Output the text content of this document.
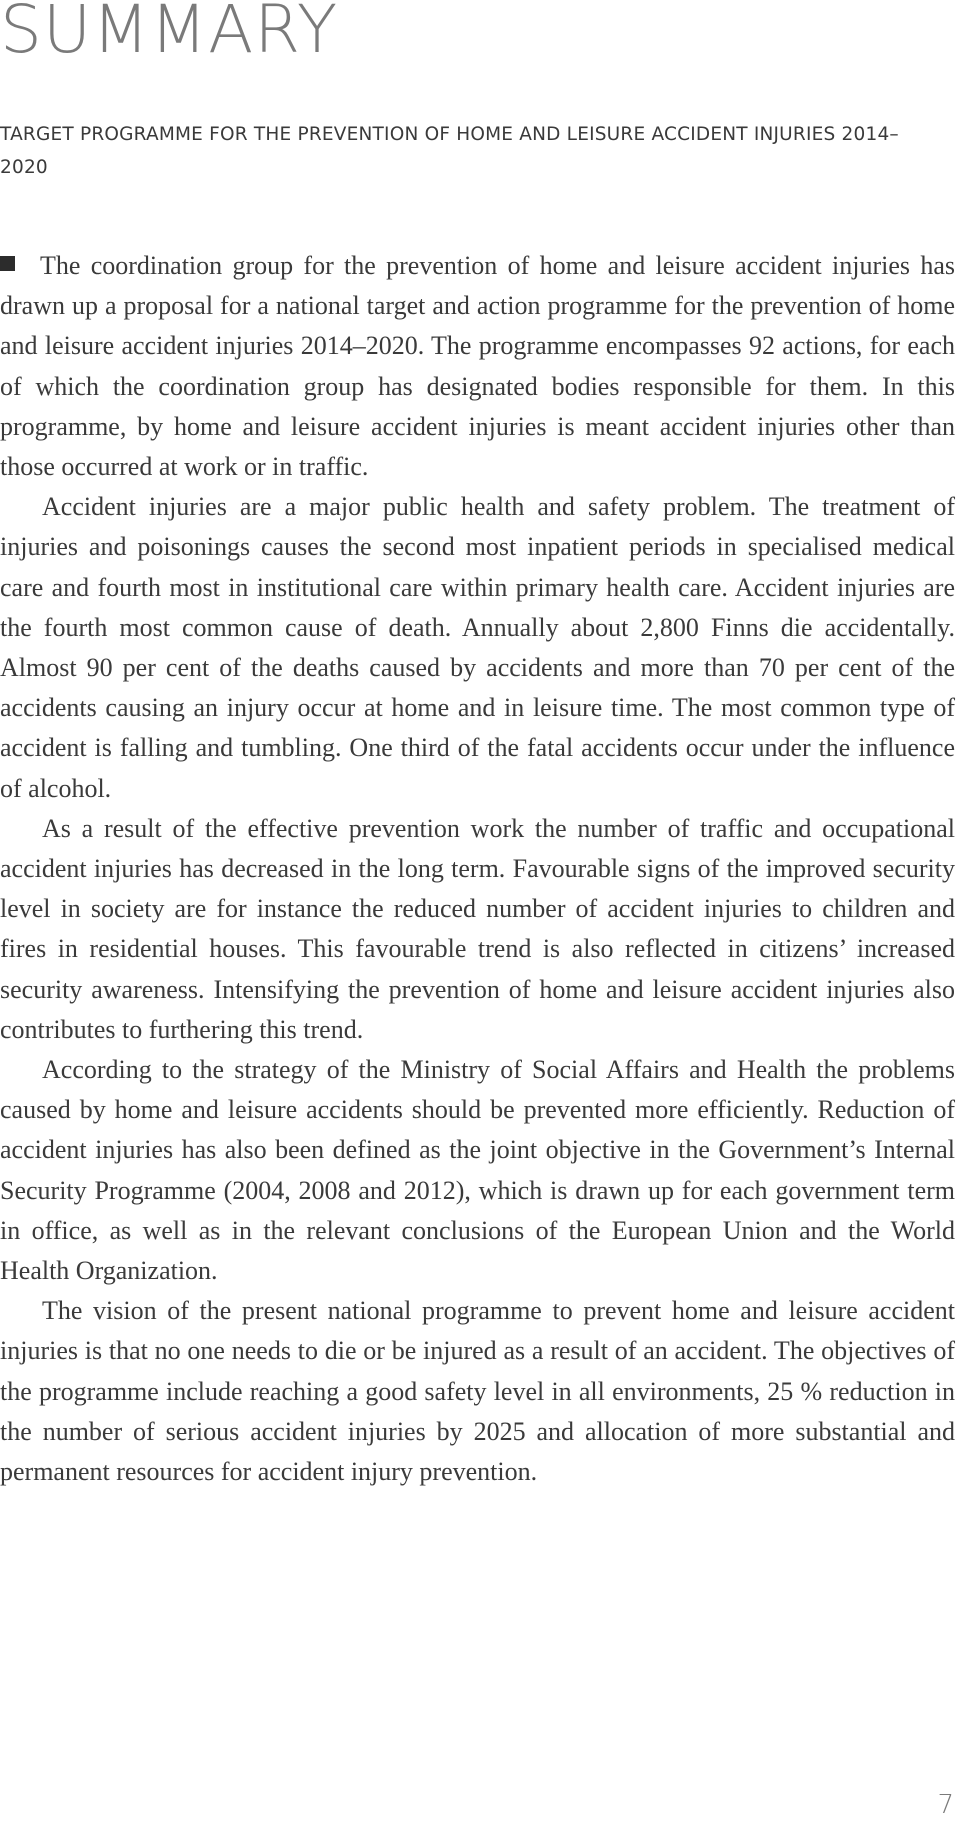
SUMMARY
TARGET PROGRAMME FOR THE PREVENTION OF HOME AND LEISURE ACCIDENT INJURIES 2014–2020

The coordination group for the prevention of home and leisure accident injuries has drawn up a proposal for a national target and action programme for the prevention of home and leisure accident injuries 2014–2020. The programme encompasses 92 actions, for each of which the coordination group has designated bodies responsible for them. In this programme, by home and leisure accident injuries is meant accident injuries other than those occurred at work or in traffic.

Accident injuries are a major public health and safety problem. The treatment of injuries and poisonings causes the second most inpatient periods in specialised medical care and fourth most in institutional care within primary health care. Accident injuries are the fourth most common cause of death. Annually about 2,800 Finns die accidentally. Almost 90 per cent of the deaths caused by accidents and more than 70 per cent of the accidents causing an injury occur at home and in leisure time. The most common type of accident is falling and tumbling. One third of the fatal accidents occur under the influence of alcohol.

As a result of the effective prevention work the number of traffic and occupational accident injuries has decreased in the long term. Favourable signs of the improved security level in society are for instance the reduced number of accident injuries to children and fires in residential houses. This favourable trend is also reflected in citizens’ increased security awareness. Intensifying the prevention of home and leisure accident injuries also contributes to furthering this trend.

According to the strategy of the Ministry of Social Affairs and Health the problems caused by home and leisure accidents should be prevented more efficiently. Reduction of accident injuries has also been defined as the joint objective in the Government’s Internal Security Programme (2004, 2008 and 2012), which is drawn up for each government term in office, as well as in the relevant conclusions of the European Union and the World Health Organization.

The vision of the present national programme to prevent home and leisure accident injuries is that no one needs to die or be injured as a result of an accident. The objectives of the programme include reaching a good safety level in all environments, 25 % reduction in the number of serious accident injuries by 2025 and allocation of more substantial and permanent resources for accident injury prevention.

7
